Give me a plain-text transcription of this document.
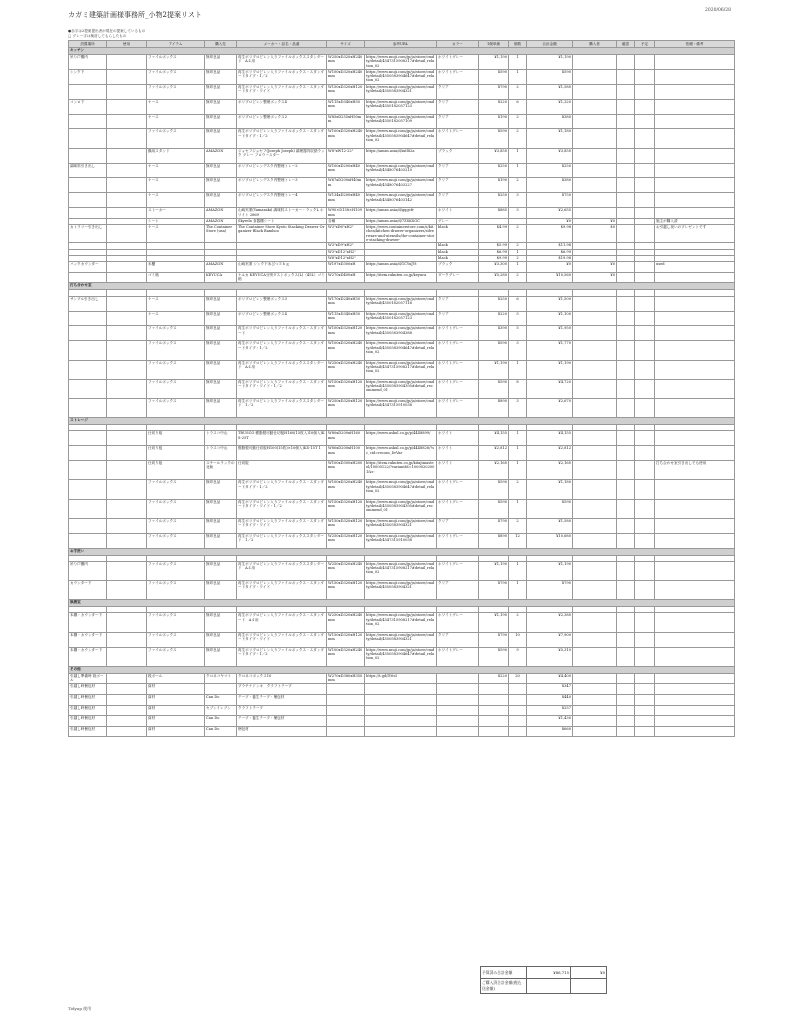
カガミ建築計画様事務所_小物2提案リスト
2020/06/28
●赤字は2提案提出者が現在の提案しているもの
□ グレー字は検討してもらしたもの
設置場所	使用	アイテム	購入先	メーカー・品名・品番	サイズ	参考URL	カラー	1個単価	個数	合計金額	購入者	確認	予定	依頼・備考
キッチン														
吊り戸棚内		ファイルボックス	無印良品	再生ポリプロピレン入りファイルボックススタンダード　A４用	W250xD320xH240mm	https://www.muji.com/jp/ja/store/cmdty/detail/4547315908217#detail_relation_02	ホワイトグレー	¥1,190	1	¥1,190				
シンク下		ファイルボックス	無印良品	再生ポリプロピレン入りファイルボックス・スタンダードタイプ・1／2	W100xD320xH240mm	https://www.muji.com/jp/ja/store/cmdty/detail/4550583904647#detail_relation_02	ホワイトグレー	¥590	1	¥590				
		ファイルボックス	無印良品	再生ポリプロピレン入りファイルボックス・スタンダードタイプ・ワイド	W150xD320xH120mm	https://www.muji.com/jp/ja/store/cmdty/detail/4550583904321	クリア	¥790	2	¥1,580				
コンロ下		ケース	無印良品	ポリプロピレン整理ボックス4	W115xD340xH50mm	https://www.muji.com/jp/ja/store/cmdty/detail/4550182057123	クリア	¥220	6	¥1,320				
		ケース	無印良品	ポリプロピレン整理ボックス2	W85xD255xH50mm	https://www.muji.com/jp/ja/store/cmdty/detail/4550182057109	クリア	¥190	2	¥380				
		ファイルボックス	無印良品	再生ポリプロピレン入りファイルボックス・スタンダードタイプ・1／2	W100xD320xH240mm	https://www.muji.com/jp/ja/store/cmdty/detail/4550583904647#detail_relation_02	ホワイトグレー	¥590	2	¥1,180				
		鍋用スタンド	AMAZON	ジョセフジョセフ(Joseph Joseph) 調理器具収納ラック グレー フロウースター	W8"xW12-22"	https://amzn.asia/d/iatl82a	ブラック	¥3,850	1	¥3,850				
調味料引き出し		ケース	無印良品	ポリプロピレンデスク内整理トレー2	W100xD200xH40mm	https://www.muji.com/jp/ja/store/cmdty/detail/4548076403210	クリア	¥250	1	¥250				
		ケース	無印良品	ポリプロピレンデスク内整理トレー3	W67xD200xH40mm	https://www.muji.com/jp/ja/store/cmdty/detail/4548076403227	クリア	¥190	2	¥380				
		ケース	無印良品	ポリプロピレンデスク内整理トレー4	W134xD200xH40mm	https://www.muji.com/jp/ja/store/cmdty/detail/4548076403142	クリア	¥250	3	¥750				
		ストーカー	AMAZON	山崎実業(Yamazaki) 調味料ストーカー・ラックL ホワイト 2869	W90×D158×H109mm	https://amzn.asia/d/gqgcfr	ホワイト	¥885	3	¥2,655				
		シート	AMAZON	Skyrela 食器棚シート	各種	https://amzn.asia/d/7ZSKSGC	グレー			¥0	¥0			施主が購入済
カトラリー引き出し		ケース	The Container Store (usa)	The Container Store Kyoto Stacking Drawer Organizer Black Bamboo	W3"xD6"xH2"	https://www.containerstore.com/s/kitchen/kitchen-drawer-organizers/silverware-and-utensils/the-container-store-stacking-drawer-	black	$4.99	2	$9.98	$0			お引越し祝いのプレゼントです
					W3"xD9"xH2"		black	$5.99	2	$11.98				
					W3"xD12"xH2"		black	$6.99	1	$6.99				
					W6"xD12"xH2"		black	$9.99	2	$19.98				
バックカウンター		米櫃	AMAZON	山崎実業 シンク下米びつ５ｋｇ	W197xD300xH	https://amzn.asia/d/1CYuJYt	ブラック	¥3,300	1	¥0	¥0			used
		ゴミ箱	KEYUCA	ケユカ KEYUCA分別ダストボックス(L)（45L）ゴミ箱	W270xD400xH	https://item.rakuten.co.jp/keyuca	ダークグレー	¥5,280	2	¥10,560	¥0			
打ち合わせ室														

サンプル引き出し		ケース	無印良品	ポリプロピレン整理ボックス3	W170xD240xH50mm	https://www.muji.com/jp/ja/store/cmdty/detail/4550182057116	クリア	¥250	6	¥1,500				
		ケース	無印良品	ポリプロピレン整理ボックス4	W115xD340xH50mm	https://www.muji.com/jp/ja/store/cmdty/detail/4550182057123	クリア	¥220	5	¥1,100				
		ファイルボックス	無印良品	再生ポリプロピレン入りファイルボックス・スタンダード	W100xD320xH120mm	https://www.muji.com/jp/ja/store/cmdty/detail/4550583904388	ホワイトグレー	¥390	5	¥1,950				
		ファイルボックス	無印良品	再生ポリプロピレン入りファイルボックス・スタンダードタイプ・1／2	W100xD320xH240mm	https://www.muji.com/jp/ja/store/cmdty/detail/4550583904647#detail_relation_02	ホワイトグレー	¥590	3	¥1,770				
		ファイルボックス	無印良品	再生ポリプロピレン入りファイルボックススタンダード　A４用	W250xD320xH240mm	https://www.muji.com/jp/ja/store/cmdty/detail/4547315908217#detail_relation_02	ホワイトグレー	¥1,190	1	¥1,190				
		ファイルボックス	無印良品	再生ポリプロピレン入りファイルボックス・スタンダードタイプ・ワイド・1／2	W150xD320xH120mm	https://www.muji.com/jp/ja/store/cmdty/detail/4550583904395#detail_recommend_01	ホワイトグレー	¥590	8	¥4,720				
		ファイルボックス	無印良品	再生ポリプロピレン入りファイルボックススタンダード　1／2	W250xD320xH120mm	https://www.muji.com/jp/ja/store/cmdty/detail/4547315910038	ホワイトグレー	¥890	3	¥2,670				
ストレージ														

		仕切り板	トラスコ中山	TRUSCO 樹脂製可動仕切板H160(15枚入)10個入)KS-25T	W80xD200xH160mm	https://www.askul.co.jp/p/4448899/	ホワイト	¥4,155	1	¥4,155				
		仕切り板	トラスコ中山	樹脂製可動仕切板H100(15枚)×10個入)KS-15T 1	W80xD200xH100mm	https://www.askul.co.jp/p/4448828/?sc_cid=recom_DrVar	ホワイト	¥2,812	1	¥2,812				
		仕切り板	スチールラックの北助	仕切板	W100xD300xH200mm	https://item.rakuten.co.jp/kitajimasteel/10000122/?variantId=10000202001&s-	ホワイト	¥2,160	1	¥2,160				打ち合わせ室引き出しでも使用
		ファイルボックス	無印良品	再生ポリプロピレン入りファイルボックス・スタンダードタイプ・1／2	W100xD320xH240mm	https://www.muji.com/jp/ja/store/cmdty/detail/4550583904647#detail_relation_02	ホワイトグレー	¥590	2	¥1,180				
		ファイルボックス	無印良品	再生ポリプロピレン入りファイルボックス・スタンダードタイプ・ワイド・1／2	W150xD320xH120mm	https://www.muji.com/jp/ja/store/cmdty/detail/4550583904395#detail_recommend_01	ホワイトグレー	¥590	1	¥590				
		ファイルボックス	無印良品	再生ポリプロピレン入りファイルボックス・スタンダードタイプ・ワイド	W150xD320xH120mm	https://www.muji.com/jp/ja/store/cmdty/detail/4550583904321	クリア	¥790	2	¥1,580				
		ファイルボックス	無印良品	再生ポリプロピレン入りファイルボックススタンダード　1／2	W250xD320xH120mm	https://www.muji.com/jp/ja/store/cmdty/detail/4547315910038	ホワイトグレー	¥890	12	¥10,680				
お手洗い														

吊り戸棚内		ファイルボックス	無印良品	再生ポリプロピレン入りファイルボックススタンダード　A４用	W250xD320xH240mm	https://www.muji.com/jp/ja/store/cmdty/detail/4547315908217#detail_relation_02	ホワイトグレー	¥1,190	1	¥1,190				
カウンター下		ファイルボックス	無印良品	再生ポリプロピレン入りファイルボックス・スタンダードタイプ・ワイド	W150xD320xH120mm	https://www.muji.com/jp/ja/store/cmdty/detail/4550583904321	クリア	¥790	1	¥790				
執務室														

本棚・カウンター下		ファイルボックス	無印良品	再生ポリプロピレン入りファイルボックス・スタンダード　A４用	W250xD320xH240mm	https://www.muji.com/jp/ja/store/cmdty/detail/4547315908217#detail_relation_02	ホワイトグレー	¥1,190	2	¥2,380				
本棚・カウンター下		ファイルボックス	無印良品	再生ポリプロピレン入りファイルボックス・スタンダードタイプ・ワイド	W150xD320xH120mm	https://www.muji.com/jp/ja/store/cmdty/detail/4550583904321	クリア	¥790	10	¥7,900				
本棚・カウンター下		ファイルボックス	無印良品	再生ポリプロピレン入りファイルボックス・スタンダードタイプ・1／2	W100xD320xH240mm	https://www.muji.com/jp/ja/store/cmdty/detail/4550583904647#detail_relation_02	ホワイトグレー	¥590	9	¥5,310				
その他														
引越し準備時 段ボール		段ボール	クロネコヤマト	クロネコボックス10	W270xD380xH350mm	https://t.gd/IY6r2		¥220	20	¥4,400				
引越し時梱包材		資材		プラチナドンキ　クラフトテープ						¥347				
引越し時梱包材		資材	Can Do	テープ・養生テープ・梱包材						¥440				
引越し時梱包材		資材	セブンイレブン	クラフトテープ						¥257				
引越し時梱包材		資材	Can Do	テープ・養生テープ・梱包材						¥1,430				
引越し時梱包材		資材	Can Do	梱包材						¥660				
予算済み合計金額	¥86,715	¥0
ご購入済合計金額(税込送金額)		
Tidyup 使用
